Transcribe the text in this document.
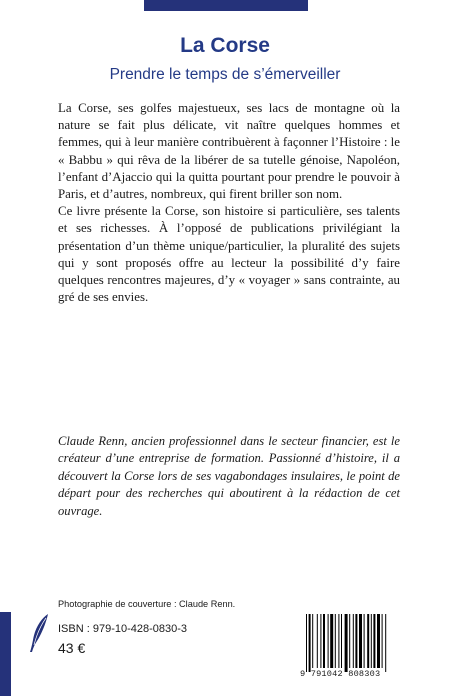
La Corse
Prendre le temps de s’émerveiller

La Corse, ses golfes majestueux, ses lacs de montagne où la nature se fait plus délicate, vit naître quelques hommes et femmes, qui à leur manière contribuèrent à façonner l’Histoire : le « Babbu » qui rêva de la libérer de sa tutelle génoise, Napoléon, l’enfant d’Ajaccio qui la quitta pourtant pour prendre le pouvoir à Paris, et d’autres, nombreux, qui firent briller son nom.

Ce livre présente la Corse, son histoire si particulière, ses talents et ses richesses. À l’opposé de publications privilégiant la présentation d’un thème unique/particulier, la pluralité des sujets qui y sont proposés offre au lecteur la possibilité d’y faire quelques rencontres majeures, d’y « voyager » sans contrainte, au gré de ses envies.

Claude Renn, ancien professionnel dans le secteur financier, est le créateur d’une entreprise de formation. Passionné d’histoire, il a découvert la Corse lors de ses vagabondages insulaires, le point de départ pour des recherches qui aboutirent à la rédaction de cet ouvrage.
Photographie de couverture : Claude Renn.
ISBN : 979-10-428-0830-3
43 €
9 791042 808303
